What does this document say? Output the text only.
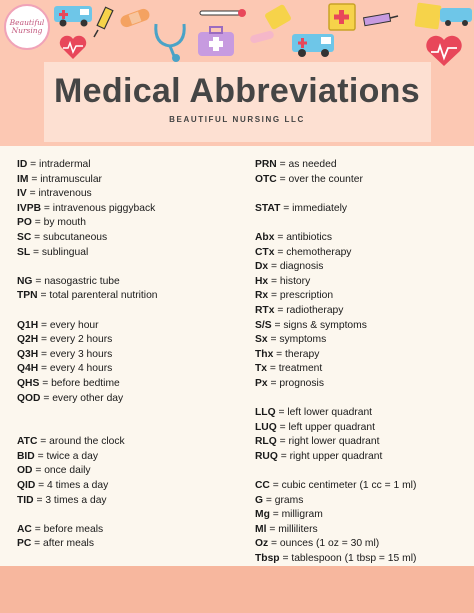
Beautiful
Nursing
Medical Abbreviations
BEAUTIFUL NURSING LLC
ID = intradermal
IM = intramuscular
IV = intravenous
IVPB = intravenous piggyback
PO = by mouth
SC = subcutaneous
SL = sublingual
NG = nasogastric tube
TPN = total parenteral nutrition
Q1H = every hour
Q2H = every 2 hours
Q3H = every 3 hours
Q4H = every 4 hours
QHS = before bedtime
QOD = every other day
ATC = around the clock
BID = twice a day
OD = once daily
QID = 4 times a day
TID = 3 times a day
AC = before meals
PC = after meals
PRN = as needed
OTC = over the counter
STAT = immediately
Abx = antibiotics
CTx = chemotherapy
Dx = diagnosis
Hx = history
Rx = prescription
RTx = radiotherapy
S/S = signs & symptoms
Sx = symptoms
Thx = therapy
Tx = treatment
Px = prognosis
LLQ = left lower quadrant
LUQ = left upper quadrant
RLQ = right lower quadrant
RUQ = right upper quadrant
CC = cubic centimeter (1 cc = 1 ml)
G = grams
Mg = milligram
Ml = milliliters
Oz = ounces (1 oz = 30 ml)
Tbsp = tablespoon (1 tbsp = 15 ml)
